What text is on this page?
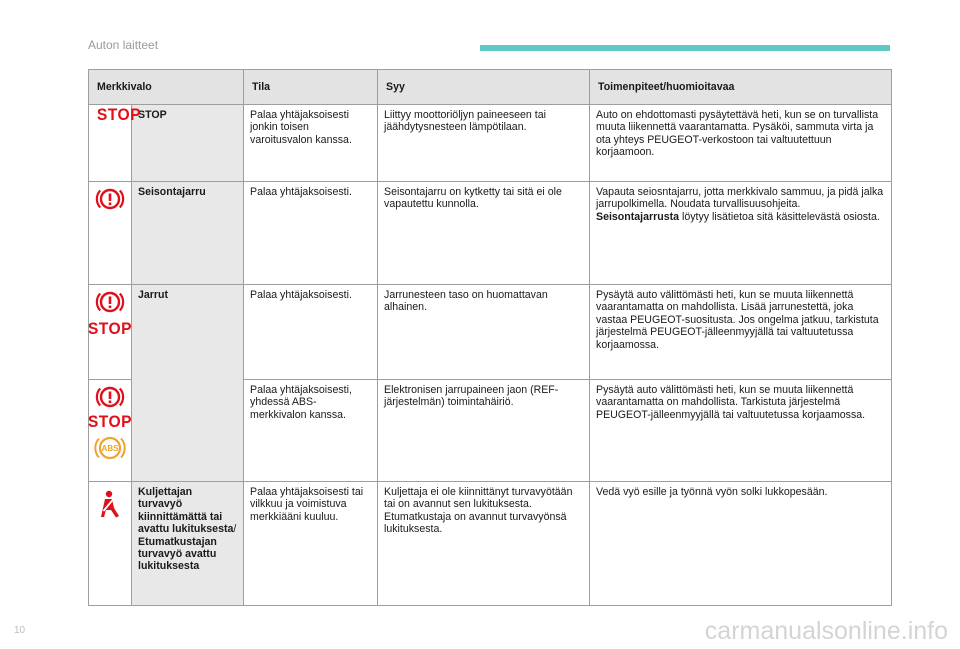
Auton laitteet
Merkkivalo		Tila	Syy	Toimenpiteet/huomioitavaa
STOP	STOP	Palaa yhtäjaksoisesti jonkin toisen varoitusvalon kanssa.	Liittyy moottoriöljyn paineeseen tai jäähdytysnesteen lämpötilaan.	Auto on ehdottomasti pysäytettävä heti, kun se on turvallista muuta liikennettä vaarantamatta. Pysäköi, sammuta virta ja ota yhteys PEUGEOT-verkostoon tai valtuutettuun korjaamoon.
	Seisontajarru	Palaa yhtäjaksoisesti.	Seisontajarru on kytketty tai sitä ei ole vapautettu kunnolla.	Vapauta seiosntajarru, jotta merkkivalo sammuu, ja pidä jalka jarrupolkimella. Noudata turvallisuusohjeita.
Seisontajarrusta löytyy lisätietoa sitä käsittelevästä osiosta.

STOP	Jarrut	Palaa yhtäjaksoisesti.	Jarrunesteen taso on huomattavan alhainen.	Pysäytä auto välittömästi heti, kun se muuta liikennettä vaarantamatta on mahdollista. Lisää jarrunestettä, joka vastaa PEUGEOT-suositusta. Jos ongelma jatkuu, tarkistuta järjestelmä PEUGEOT-jälleenmyyjällä tai valtuutetussa korjaamossa.

STOP
ABS		Palaa yhtäjaksoisesti, yhdessä ABS-merkkivalon kanssa.	Elektronisen jarrupaineen jaon (REF-järjestelmän) toimintahäiriö.	Pysäytä auto välittömästi heti, kun se muuta liikennettä vaarantamatta on mahdollista. Tarkistuta järjestelmä PEUGEOT-jälleenmyyjällä tai valtuutetussa korjaamossa.
	Kuljettajan turvavyö kiinnittämättä tai avattu lukituksesta/ Etumatkustajan turvavyö avattu lukituksesta	Palaa yhtäjaksoisesti tai vilkkuu ja voimistuva merkkiääni kuuluu.	Kuljettaja ei ole kiinnittänyt turvavyötään tai on avannut sen lukituksesta. Etumatkustaja on avannut turvavyönsä lukituksesta.	Vedä vyö esille ja työnnä vyön solki lukkopesään.
10	carmanualsonline.info
